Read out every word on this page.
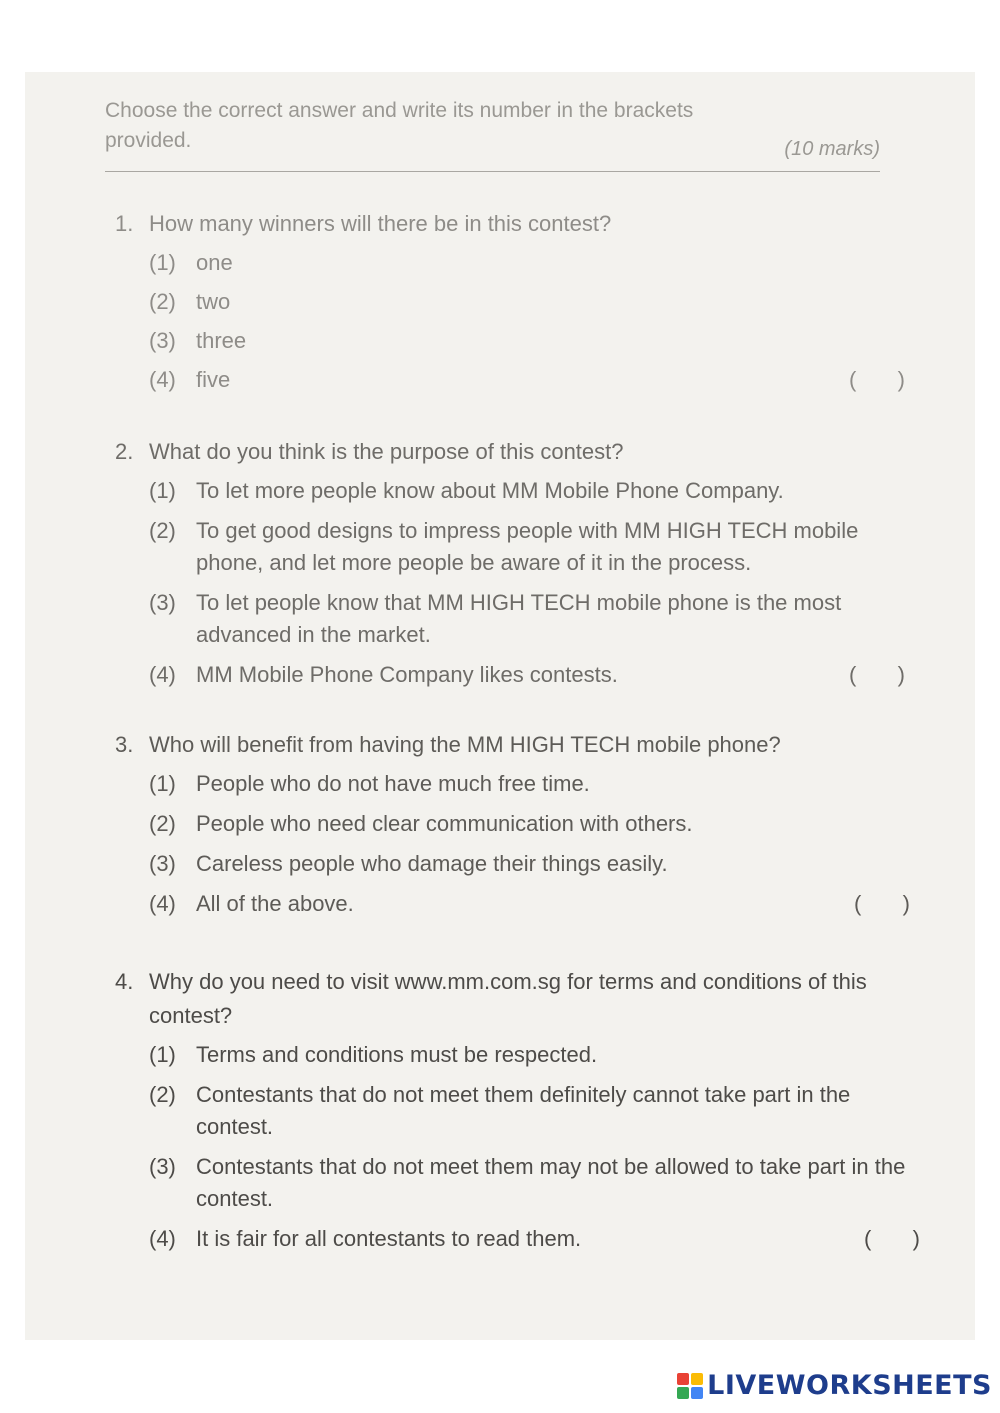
Choose the correct answer and write its number in the brackets
provided.	(10 marks)
1. How many winners will there be in this contest?
(1) one
(2) two
(3) three
(4) five	( )
2. What do you think is the purpose of this contest?
(1) To let more people know about MM Mobile Phone Company.
(2) To get good designs to impress people with MM HIGH TECH mobile phone, and let more people be aware of it in the process.
(3) To let people know that MM HIGH TECH mobile phone is the most advanced in the market.
(4) MM Mobile Phone Company likes contests.	( )
3. Who will benefit from having the MM HIGH TECH mobile phone?
(1) People who do not have much free time.
(2) People who need clear communication with others.
(3) Careless people who damage their things easily.
(4) All of the above.	( )
4. Why do you need to visit www.mm.com.sg for terms and conditions of this contest?
(1) Terms and conditions must be respected.
(2) Contestants that do not meet them definitely cannot take part in the contest.
(3) Contestants that do not meet them may not be allowed to take part in the contest.
(4) It is fair for all contestants to read them.	( )
LIVEWORKSHEETS
